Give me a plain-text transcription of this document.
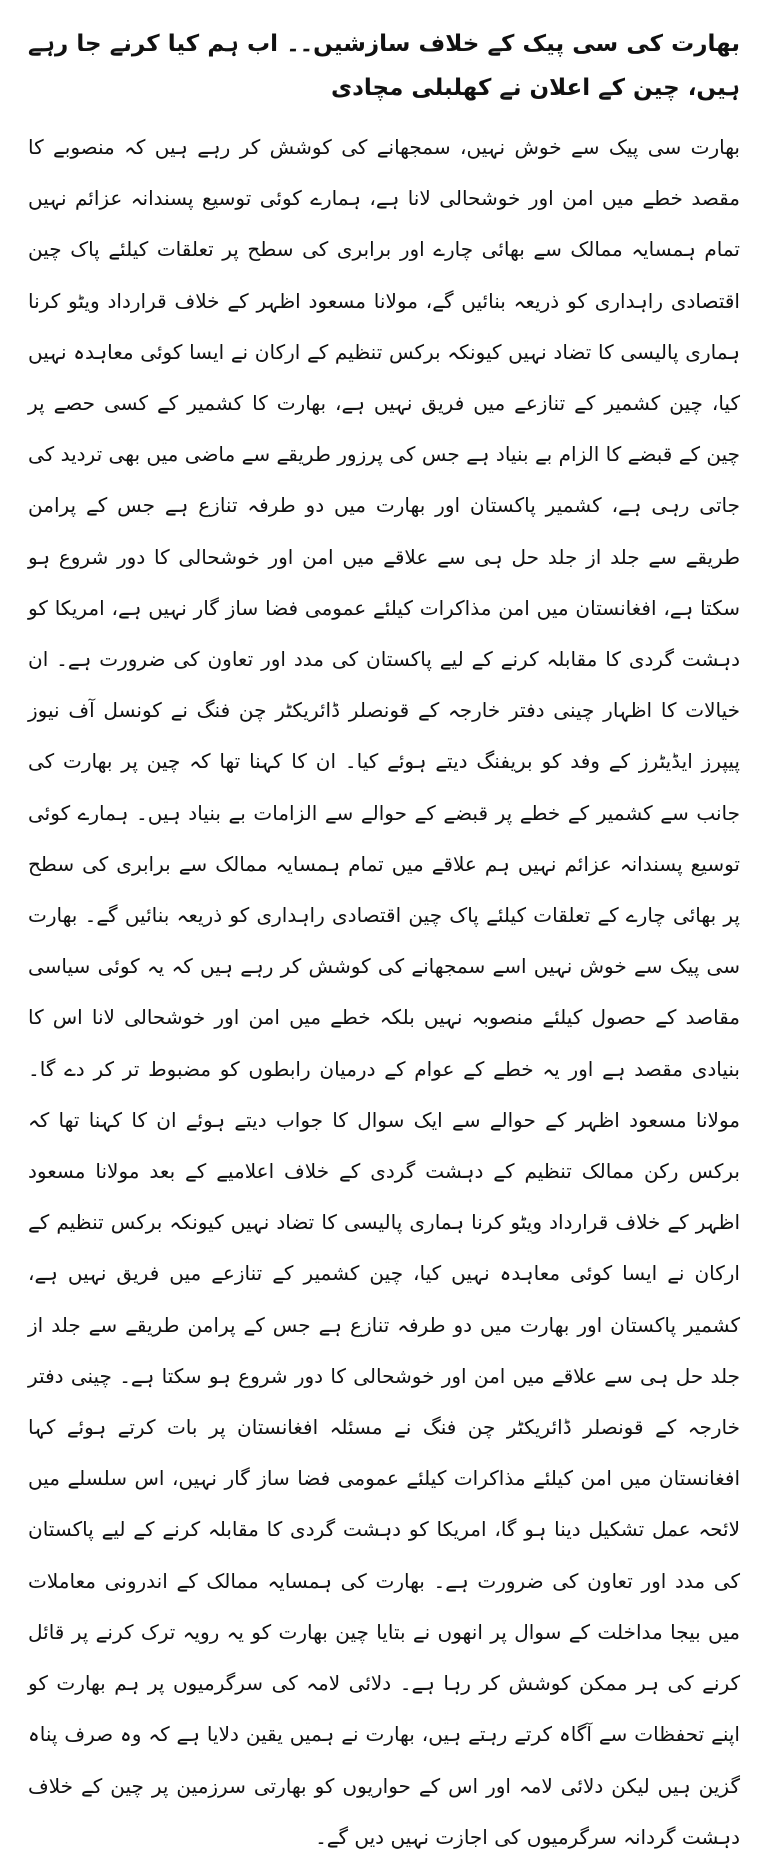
بھارت کی سی پیک کے خلاف سازشیں۔۔ اب ہم کیا کرنے جا رہے ہیں، چین کے اعلان نے کھلبلی مچادی

بھارت سی پیک سے خوش نہیں، سمجھانے کی کوشش کر رہے ہیں کہ منصوبے کا مقصد خطے میں امن اور خوشحالی لانا ہے، ہمارے کوئی توسیع پسندانہ عزائم نہیں تمام ہمسایہ ممالک سے بھائی چارے اور برابری کی سطح پر تعلقات کیلئے پاک چین اقتصادی راہداری کو ذریعہ بنائیں گے، مولانا مسعود اظہر کے خلاف قرارداد ویٹو کرنا ہماری پالیسی کا تضاد نہیں کیونکہ برکس تنظیم کے ارکان نے ایسا کوئی معاہدہ نہیں کیا، چین کشمیر کے تنازعے میں فریق نہیں ہے، بھارت کا کشمیر کے کسی حصے پر چین کے قبضے کا الزام بے بنیاد ہے جس کی پرزور طریقے سے ماضی میں بھی تردید کی جاتی رہی ہے، کشمیر پاکستان اور بھارت میں دو طرفہ تنازع ہے جس کے پرامن طریقے سے جلد از جلد حل ہی سے علاقے میں امن اور خوشحالی کا دور شروع ہو سکتا ہے، افغانستان میں امن مذاکرات کیلئے عمومی فضا ساز گار نہیں ہے، امریکا کو دہشت گردی کا مقابلہ کرنے کے لیے پاکستان کی مدد اور تعاون کی ضرورت ہے۔ ان خیالات کا اظہار چینی دفتر خارجہ کے قونصلر ڈائریکٹر چن فنگ نے کونسل آف نیوز پیپرز ایڈیٹرز کے وفد کو بریفنگ دیتے ہوئے کیا۔ ان کا کہنا تھا کہ چین پر بھارت کی جانب سے کشمیر کے خطے پر قبضے کے حوالے سے الزامات بے بنیاد ہیں۔ ہمارے کوئی توسیع پسندانہ عزائم نہیں ہم علاقے میں تمام ہمسایہ ممالک سے برابری کی سطح پر بھائی چارے کے تعلقات کیلئے پاک چین اقتصادی راہداری کو ذریعہ بنائیں گے۔ بھارت سی پیک سے خوش نہیں اسے سمجھانے کی کوشش کر رہے ہیں کہ یہ کوئی سیاسی مقاصد کے حصول کیلئے منصوبہ نہیں بلکہ خطے میں امن اور خوشحالی لانا اس کا بنیادی مقصد ہے اور یہ خطے کے عوام کے درمیان رابطوں کو مضبوط تر کر دے گا۔ مولانا مسعود اظہر کے حوالے سے ایک سوال کا جواب دیتے ہوئے ان کا کہنا تھا کہ برکس رکن ممالک تنظیم کے دہشت گردی کے خلاف اعلامیے کے بعد مولانا مسعود اظہر کے خلاف قرارداد ویٹو کرنا ہماری پالیسی کا تضاد نہیں کیونکہ برکس تنظیم کے ارکان نے ایسا کوئی معاہدہ نہیں کیا، چین کشمیر کے تنازعے میں فریق نہیں ہے، کشمیر پاکستان اور بھارت میں دو طرفہ تنازع ہے جس کے پرامن طریقے سے جلد از جلد حل ہی سے علاقے میں امن اور خوشحالی کا دور شروع ہو سکتا ہے۔ چینی دفتر خارجہ کے قونصلر ڈائریکٹر چن فنگ نے مسئلہ افغانستان پر بات کرتے ہوئے کہا افغانستان میں امن کیلئے مذاکرات کیلئے عمومی فضا ساز گار نہیں، اس سلسلے میں لائحہ عمل تشکیل دینا ہو گا، امریکا کو دہشت گردی کا مقابلہ کرنے کے لیے پاکستان کی مدد اور تعاون کی ضرورت ہے۔ بھارت کی ہمسایہ ممالک کے اندرونی معاملات میں بیجا مداخلت کے سوال پر انھوں نے بتایا چین بھارت کو یہ رویہ ترک کرنے پر قائل کرنے کی ہر ممکن کوشش کر رہا ہے۔ دلائی لامہ کی سرگرمیوں پر ہم بھارت کو اپنے تحفظات سے آگاہ کرتے رہتے ہیں، بھارت نے ہمیں یقین دلایا ہے کہ وہ صرف پناہ گزین ہیں لیکن دلائی لامہ اور اس کے حواریوں کو بھارتی سرزمین پر چین کے خلاف دہشت گردانہ سرگرمیوں کی اجازت نہیں دیں گے۔
